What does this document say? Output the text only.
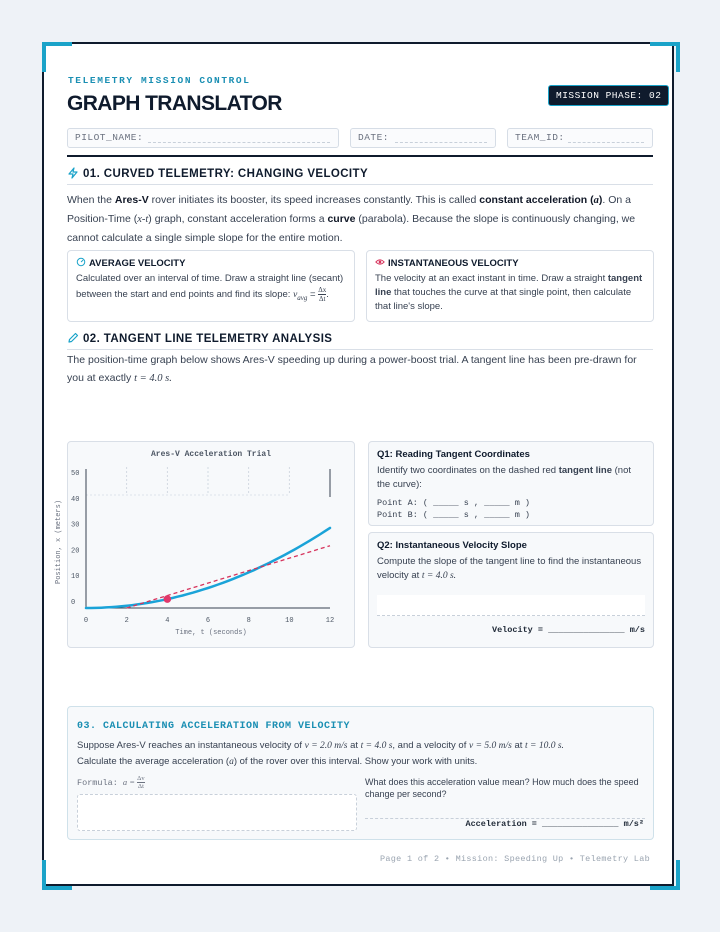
TELEMETRY MISSION CONTROL
GRAPH TRANSLATOR	MISSION PHASE: 02
PILOT_NAME:	DATE:	TEAM_ID:
01. CURVED TELEMETRY: CHANGING VELOCITY
When the Ares-V rover initiates its booster, its speed increases constantly. This is called constant acceleration (a). On a
Position-Time (x-t) graph, constant acceleration forms a curve (parabola). Because the slope is continuously changing, we
cannot calculate a single simple slope for the entire motion.
AVERAGE VELOCITY

Calculated over an interval of time. Draw a straight line (secant) between the start and end points and find its slope: $v_{avg} = \frac{\Delta x}{\Delta t}$ .

INSTANTANEOUS VELOCITY

The velocity at an exact instant in time. Draw a straight tangent line that touches the curve at that single point, then calculate that line's slope.

02. TANGENT LINE TELEMETRY ANALYSIS
The position-time graph below shows Ares-V speeding up during a power-boost trial. A tangent line has been pre-drawn for
you at exactly t = 4.0 s.
Ares-V Acceleration Trial
0	2	4	6	8	10	12
0
10
20
30
40
50
Time, t (seconds)
Position, x (meters)
Q1: Reading Tangent Coordinates

Identify two coordinates on the dashed red tangent line (not the curve):

Point A: ( _____ s , _____ m )
Point B: ( _____ s , _____ m )
Q2: Instantaneous Velocity Slope

Compute the slope of the tangent line to find the instantaneous velocity at t = 4.0 s.

Velocity = _______________ m/s
03. CALCULATING ACCELERATION FROM VELOCITY
Suppose Ares-V reaches an instantaneous velocity of v = 2.0 m/s at t = 4.0 s, and a velocity of v = 5.0 m/s at t = 10.0 s.
Calculate the average acceleration (a) of the rover over this interval. Show your work with units.
Formula: $a = \frac{\Delta v}{\Delta t}$	What does this acceleration value mean? How much does the speed change per second?
Acceleration = _______________ m/s²
Page 1 of 2 • Mission: Speeding Up • Telemetry Lab
